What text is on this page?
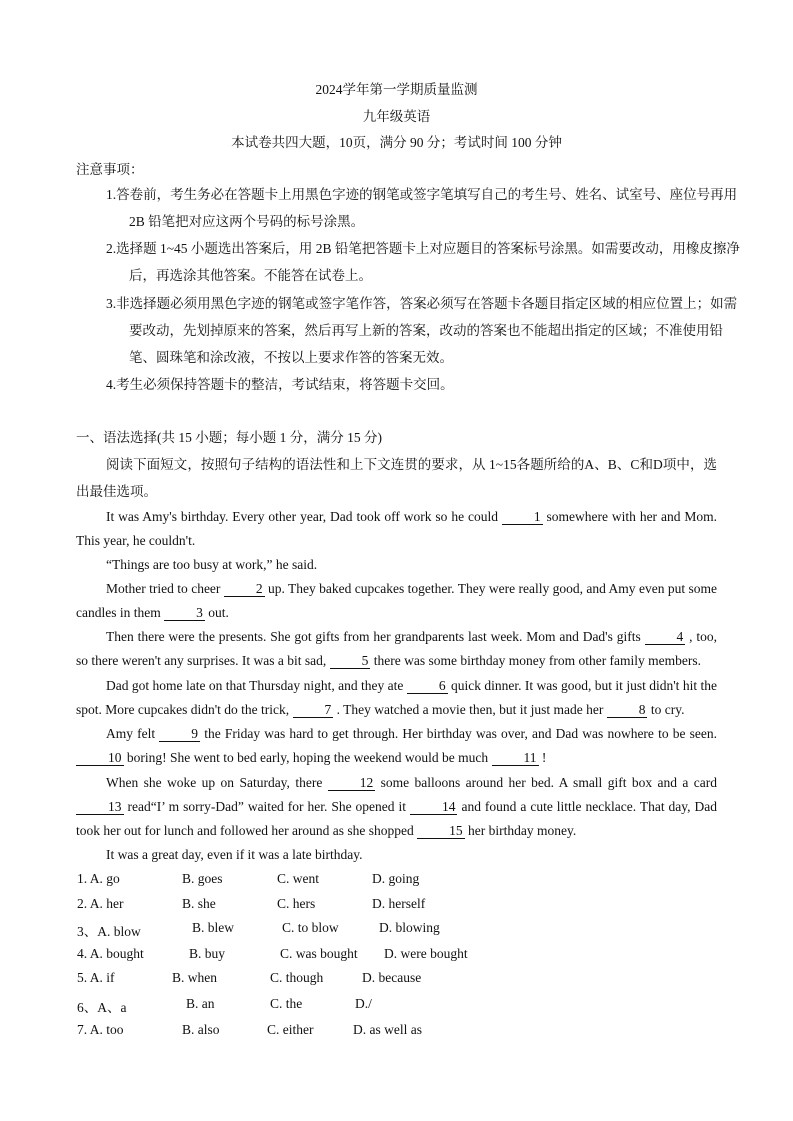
2024学年第一学期质量监测
九年级英语
本试卷共四大题，10页，满分 90 分；考试时间 100 分钟
注意事项：
1.答卷前，考生务必在答题卡上用黑色字迹的钢笔或签字笔填写自己的考生号、姓名、试室号、座位号再用 2B 铅笔把对应这两个号码的标号涂黑。
2.选择题 1~45 小题选出答案后，用 2B 铅笔把答题卡上对应题目的答案标号涂黑。如需要改动，用橡皮擦净后，再选涂其他答案。不能答在试卷上。
3.非选择题必须用黑色字迹的钢笔或签字笔作答，答案必须写在答题卡各题目指定区域的相应位置上；如需要改动，先划掉原来的答案，然后再写上新的答案，改动的答案也不能超出指定的区域；不准使用铅笔、圆珠笔和涂改液，不按以上要求作答的答案无效。
4.考生必须保持答题卡的整洁，考试结束，将答题卡交回。
一、语法选择(共 15 小题；每小题 1 分，满分 15 分)
阅读下面短文，按照句子结构的语法性和上下文连贯的要求，从 1~15各题所给的A、B、C和D项中，选出最佳选项。
It was Amy's birthday. Every other year, Dad took off work so he could 1 somewhere with her and Mom. This year, he couldn't.
“Things are too busy at work,” he said.
Mother tried to cheer 2 up. They baked cupcakes together. They were really good, and Amy even put some candles in them 3 out.
Then there were the presents. She got gifts from her grandparents last week. Mom and Dad's gifts 4 , too, so there weren't any surprises. It was a bit sad, 5 there was some birthday money from other family members.
Dad got home late on that Thursday night, and they ate 6 quick dinner. It was good, but it just didn't hit the spot. More cupcakes didn't do the trick, 7 . They watched a movie then, but it just made her 8 to cry.
Amy felt 9 the Friday was hard to get through. Her birthday was over, and Dad was nowhere to be seen. 10 boring! She went to bed early, hoping the weekend would be much 11 !
When she woke up on Saturday, there 12 some balloons around her bed. A small gift box and a card 13 read“I’ m sorry-Dad” waited for her. She opened it 14 and found a cute little necklace. That day, Dad took her out for lunch and followed her around as she shopped 15 her birthday money.
It was a great day, even if it was a late birthday.
1. A. go	B. goes	C. went	D. going
2. A. her	B. she	C. hers	D. herself
3、A. blow	B. blew	C. to blow	D. blowing
4. A. bought	B. buy	C. was bought D. were bought
5. A. if	B. when	C. though	D. because
6、A、a	B. an	C. the	D./
7. A. too	B. also	C. either	D. as well as
